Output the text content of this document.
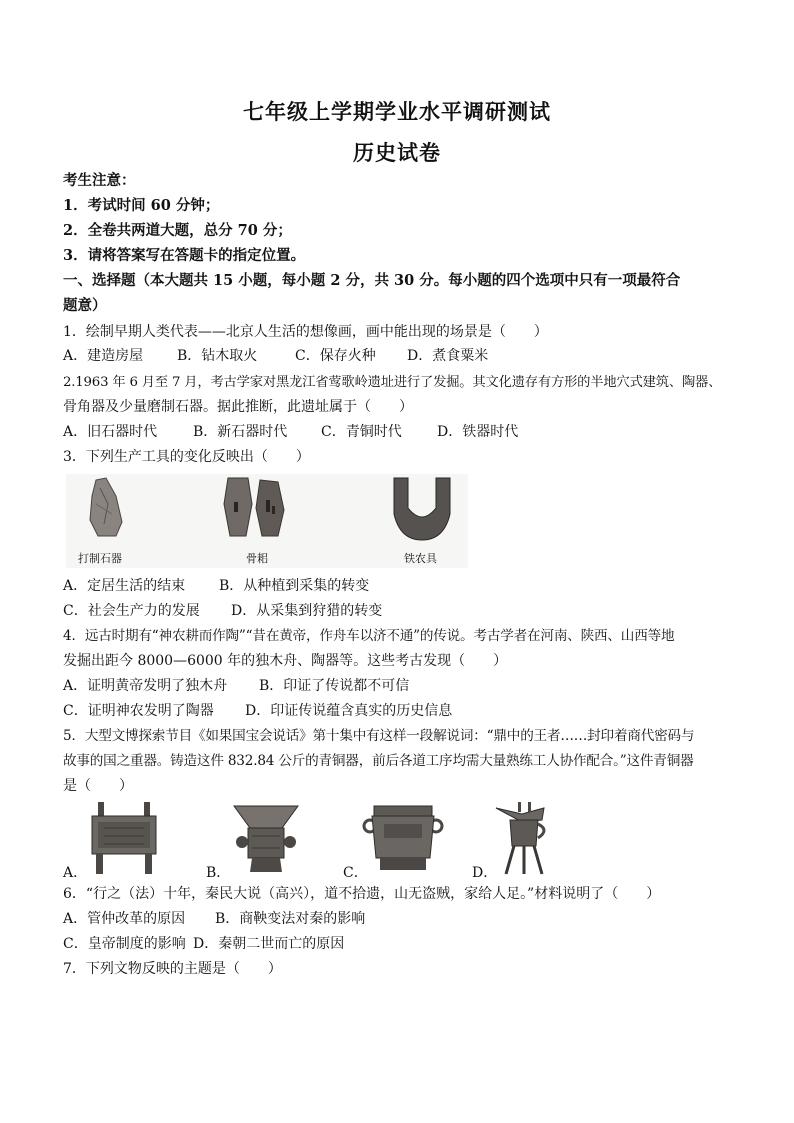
七年级上学期学业水平调研测试
历史试卷
考生注意：
1．考试时间 60 分钟；
2．全卷共两道大题，总分 70 分；
3．请将答案写在答题卡的指定位置。
一、选择题（本大题共 15 小题，每小题 2 分，共 30 分。每小题的四个选项中只有一项最符合
题意）
1．绘制早期人类代表——北京人生活的想像画，画中能出现的场景是（　　）
A．建造房屋 B．钻木取火	C．保存火种 D．煮食粟米
2.1963 年 6 月至 7 月，考古学家对黑龙江省莺歌岭遗址进行了发掘。其文化遗存有方形的半地穴式建筑、陶器、
骨角器及少量磨制石器。据此推断，此遗址属于（　　）
A．旧石器时代	B．新石器时代 C．青铜时代	D．铁器时代
3．下列生产工具的变化反映出（　　）
打制石器	骨耜	铁农具
A．定居生活的结束 B．从种植到采集的转变
C．社会生产力的发展 D．从采集到狩猎的转变
4．远古时期有“神农耕而作陶”“昔在黄帝，作舟车以济不通”的传说。考古学者在河南、陕西、山西等地
发掘出距今 8000—6000 年的独木舟、陶器等。这些考古发现（　　）
A．证明黄帝发明了独木舟 B．印证了传说都不可信
C．证明神农发明了陶器 D．印证传说蕴含真实的历史信息
5．大型文博探索节目《如果国宝会说话》第十集中有这样一段解说词：“鼎中的王者……封印着商代密码与
故事的国之重器。铸造这件 832.84 公斤的青铜器，前后各道工序均需大量熟练工人协作配合。”这件青铜器
是（　　）
A．	B．	C．	D．
6．“行之（法）十年，秦民大说（高兴），道不拾遗，山无盗贼，家给人足。”材料说明了（　　）
A．管仲改革的原因 B．商鞅变法对秦的影响
C．皇帝制度的影响 D．秦朝二世而亡的原因
7．下列文物反映的主题是（　　）
